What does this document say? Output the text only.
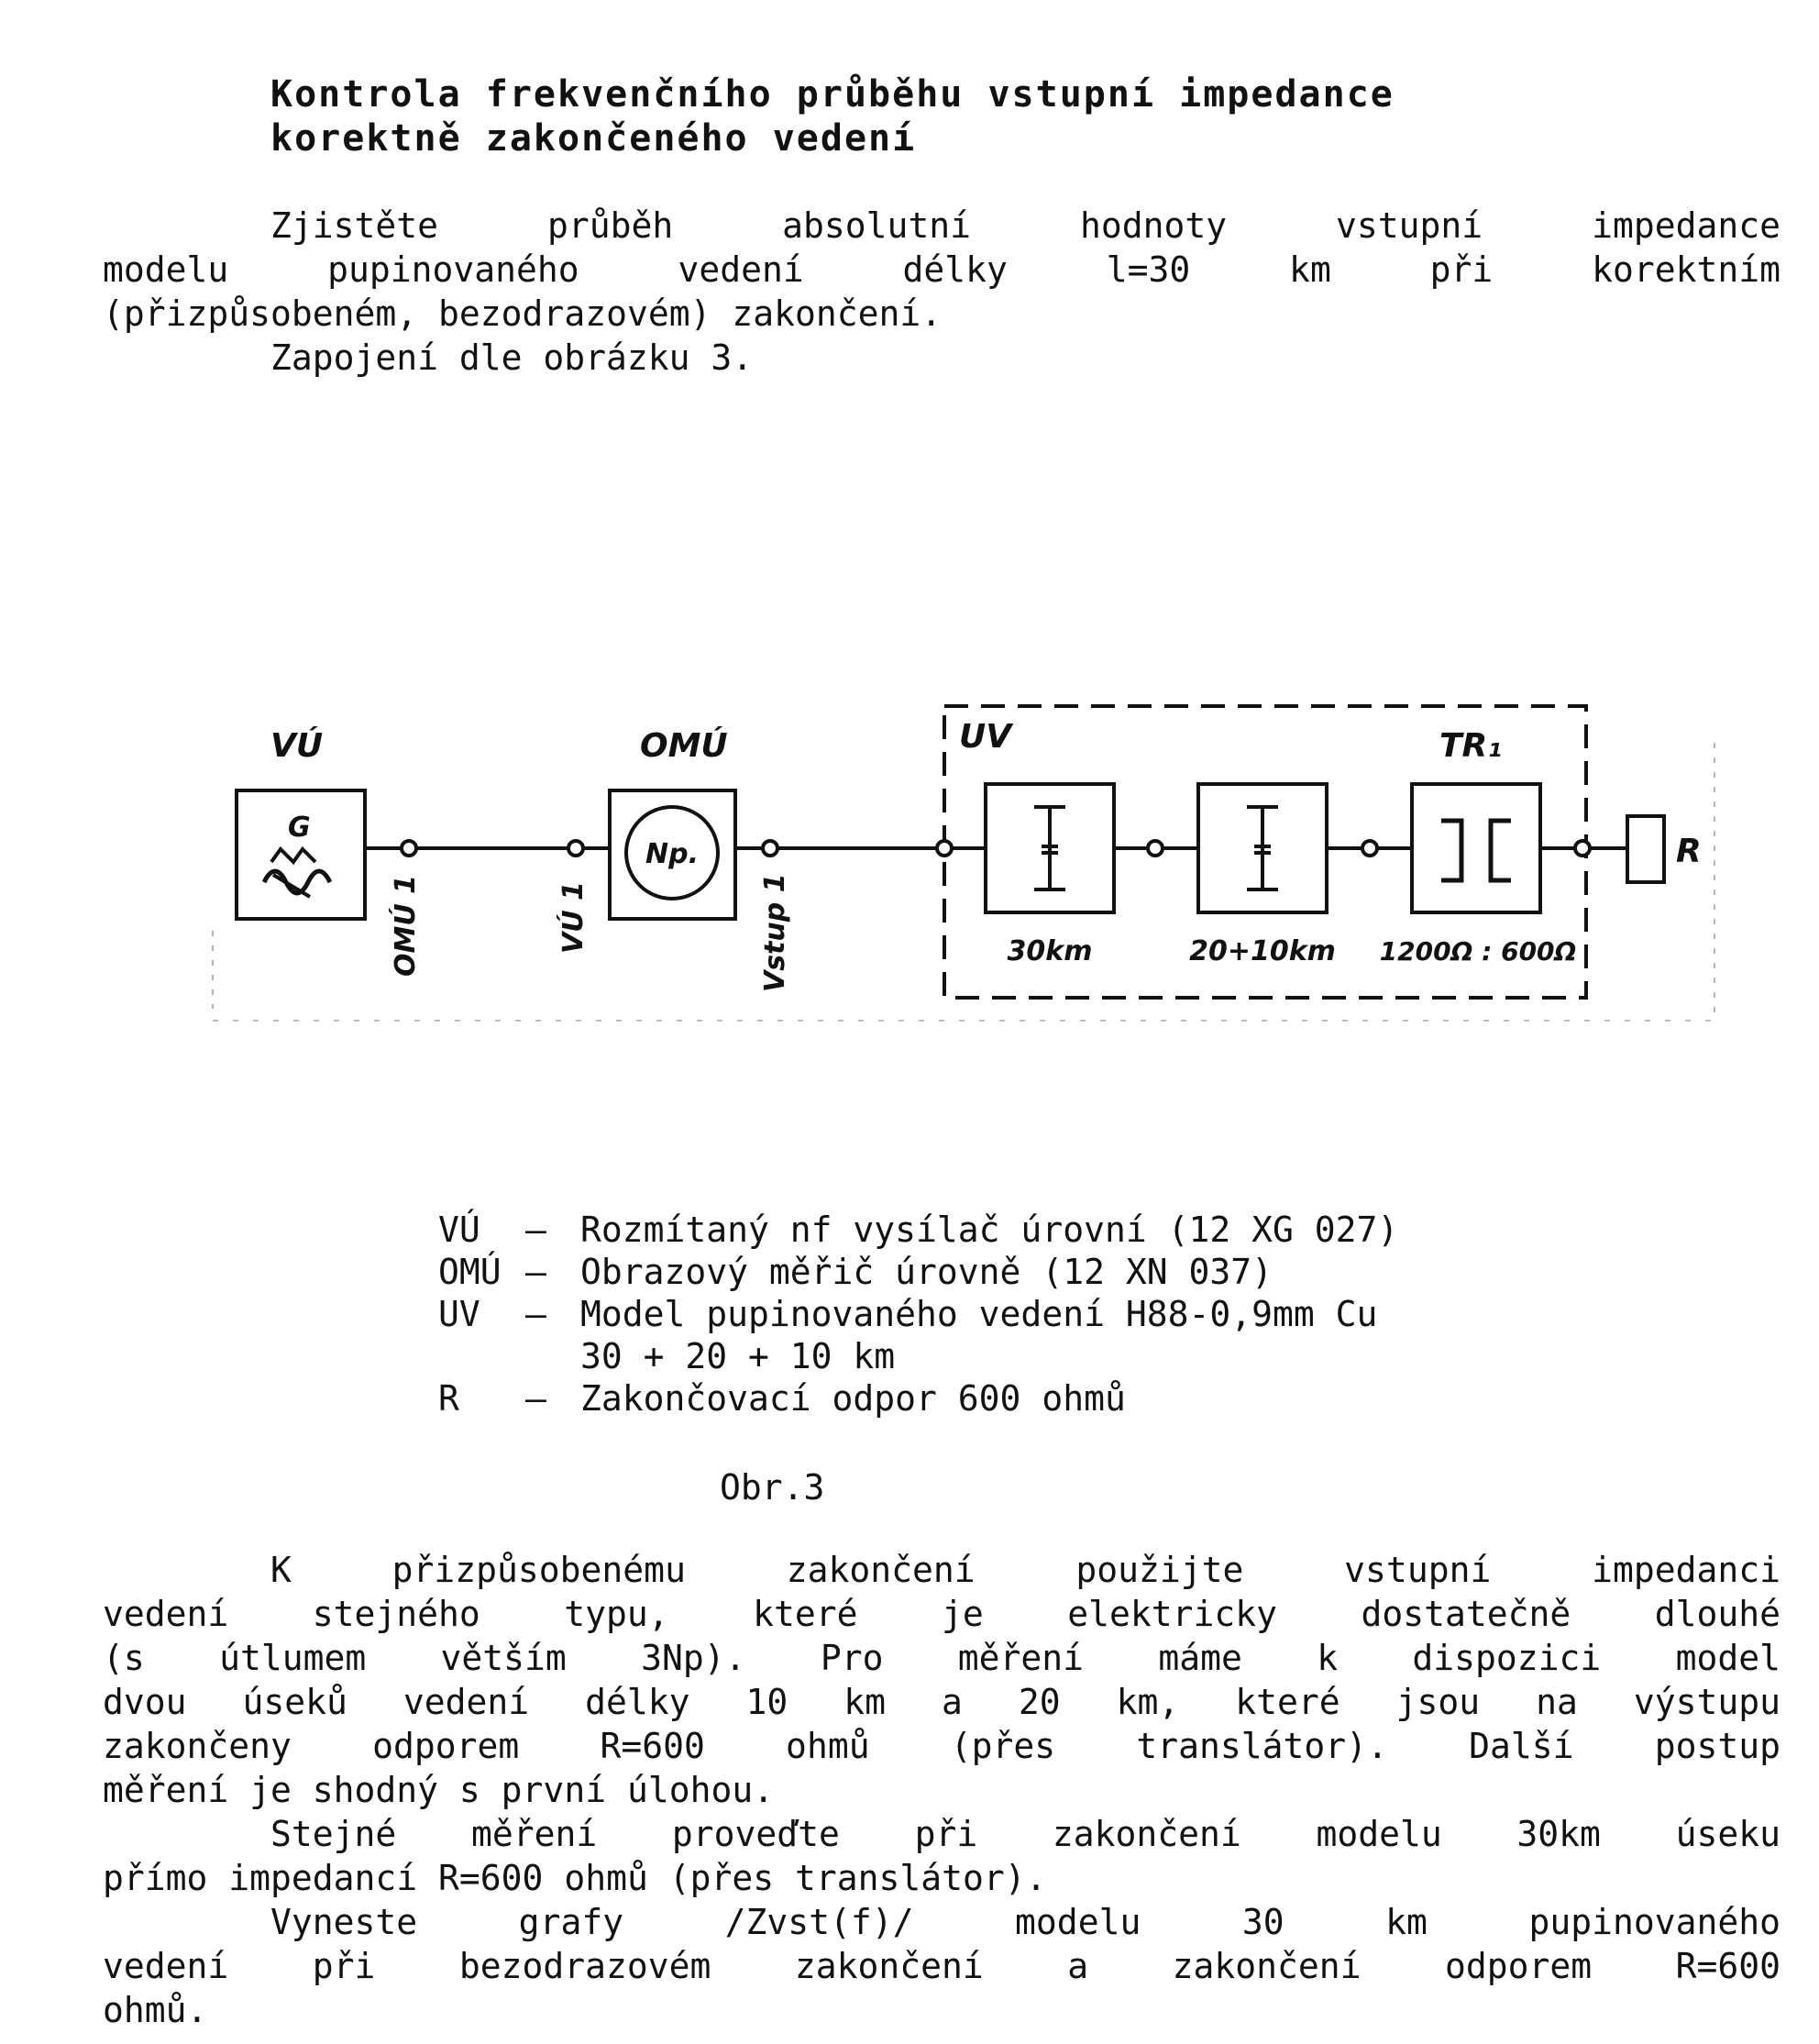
Kontrola frekvenčního průběhu vstupní impedance
korektně zakončeného vedení
Zjistěte průběh absolutní hodnoty vstupní impedance
modelu pupinovaného vedení délky l=30 km při korektním
(přizpůsobeném, bezodrazovém) zakončení.
Zapojení dle obrázku 3.
VÚ	OMÚ	UV	TR₁
G
Np.	R
30km	20+10km 1200Ω : 600Ω
OMÚ 1	VÚ 1	Vstup 1
VÚ	– Rozmítaný nf vysílač úrovní (12 XG 027)
OMÚ – Obrazový měřič úrovně (12 XN 037)
UV	– Model pupinovaného vedení H88-0,9mm Cu
30 + 20 + 10 km
R	– Zakončovací odpor 600 ohmů
Obr.3
K přizpůsobenému zakončení použijte vstupní impedanci
vedení stejného typu, které je elektricky dostatečně dlouhé
(s útlumem větším 3Np). Pro měření máme k dispozici model
dvou úseků vedení délky 10 km a 20 km, které jsou na výstupu
zakončeny odporem R=600 ohmů (přes translátor). Další postup
měření je shodný s první úlohou.
Stejné měření proveďte při zakončení modelu 30km úseku
přímo impedancí R=600 ohmů (přes translátor).
Vyneste grafy /Zvst(f)/ modelu 30 km pupinovaného
vedení při bezodrazovém zakončení a zakončení odporem R=600
ohmů.
